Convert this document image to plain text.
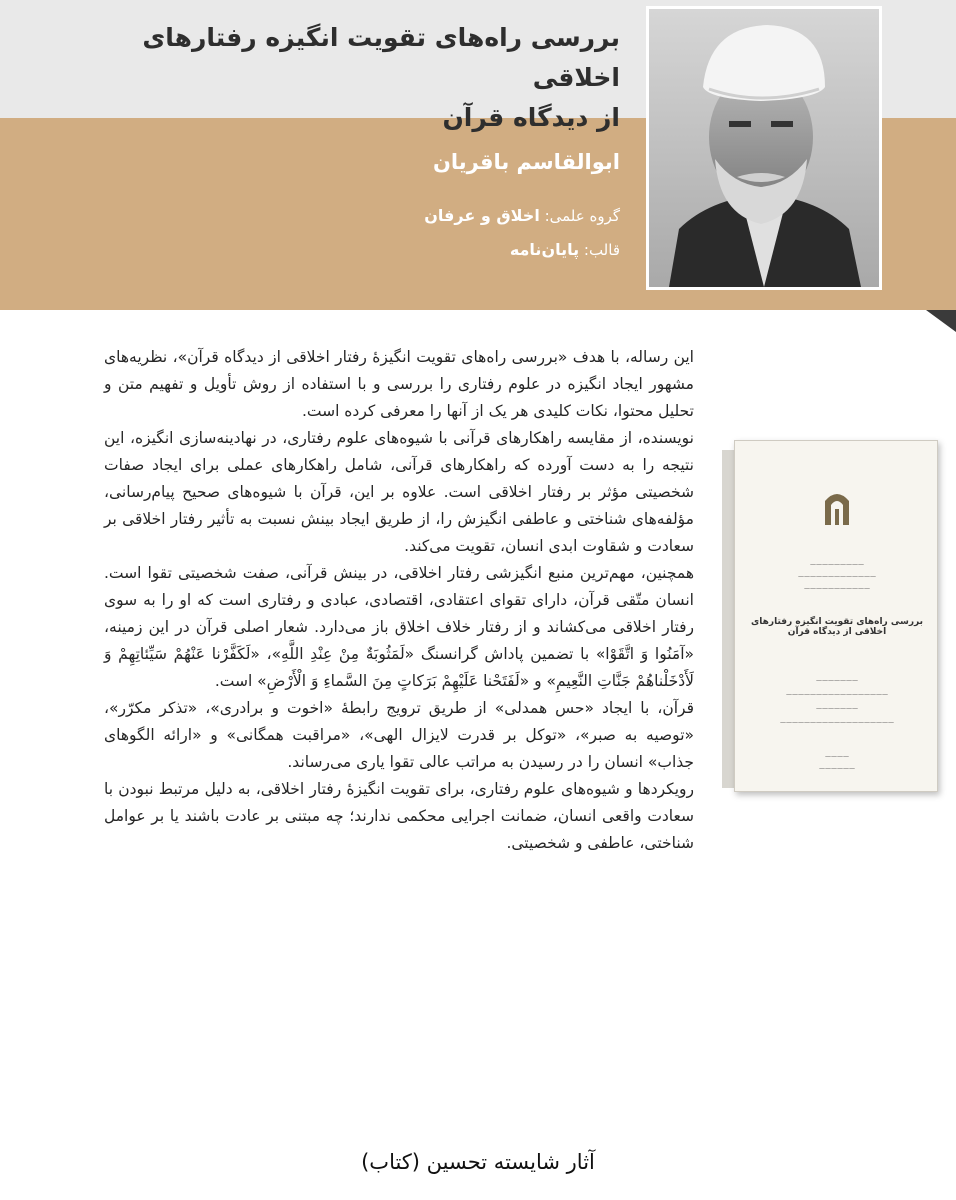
بررسی راه‌های تقویت انگیزه رفتارهای اخلاقی
از دیدگاه قرآن
ابوالقاسم باقریان
گروه علمی: اخلاق و عرفان
قالب: پایان‌نامه

این رساله، با هدف «بررسی راه‌های تقویت انگیزهٔ رفتار اخلاقی از دیدگاه قرآن»، نظریه‌های مشهور ایجاد انگیزه در علوم رفتاری را بررسی و با استفاده از روش تأویل و تفهیم متن و تحلیل محتوا، نکات کلیدی هر یک از آنها را معرفی کرده است.

نویسنده، از مقایسه راهکارهای قرآنی با شیوه‌های علوم رفتاری، در نهادینه‌سازی انگیزه، این نتیجه را به دست آورده که راهکارهای قرآنی، شامل راهکارهای عملی برای ایجاد صفات شخصیتی مؤثر بر رفتار اخلاقی است. علاوه بر این، قرآن با شیوه‌های صحیح پیام‌رسانی، مؤلفه‌های شناختی و عاطفی انگیزش را، از طریق ایجاد بینش نسبت به تأثیر رفتار اخلاقی بر سعادت و شقاوت ابدی انسان، تقویت می‌کند.

همچنین، مهم‌ترین منبع انگیزشی رفتار اخلاقی، در بینش قرآنی، صفت شخصیتی تقوا است. انسان متّقی قرآن، دارای تقوای اعتقادی، اقتصادی، عبادی و رفتاری است که او را به سوی رفتار اخلاقی می‌کشاند و از رفتار خلاف اخلاق باز می‌دارد. شعار اصلی قرآن در این زمینه، «آمَنُوا وَ اتَّقَوْا» با تضمین پاداش گرانسنگ «لَمَثُوبَةٌ مِنْ عِنْدِ اللَّهِ»، «لَكَفَّرْنا عَنْهُمْ سَيِّئاتِهِمْ وَ لَأَدْخَلْناهُمْ جَنَّاتِ النَّعِيمِ» و «لَفَتَحْنا عَلَيْهِمْ بَرَكاتٍ مِنَ السَّماءِ وَ الْأَرْضِ» است.

قرآن، با ایجاد «حس همدلی» از طریق ترویج رابطهٔ «اخوت و برادری»، «تذکر مکرّر»، «توصیه به صبر»، «توکل بر قدرت لایزال الهی»، «مراقبت همگانی» و «ارائه الگوهای جذاب» انسان را در رسیدن به مراتب عالی تقوا یاری می‌رساند.

رویکردها و شیوه‌های علوم رفتاری، برای تقویت انگیزهٔ رفتار اخلاقی، به دلیل مرتبط نبودن با سعادت واقعی انسان، ضمانت اجرایی محکمی ندارند؛ چه مبتنی بر عادت باشند یا بر عوامل شناختی، عاطفی و شخصیتی.

—————————
—————————————
———————————
بررسی راه‌های تقویت انگیزه رفتارهای اخلاقی از دیدگاه قرآن
———————
—————————————————
———————
———————————————————
————
——————
آثار شایسته تحسین (کتاب)
